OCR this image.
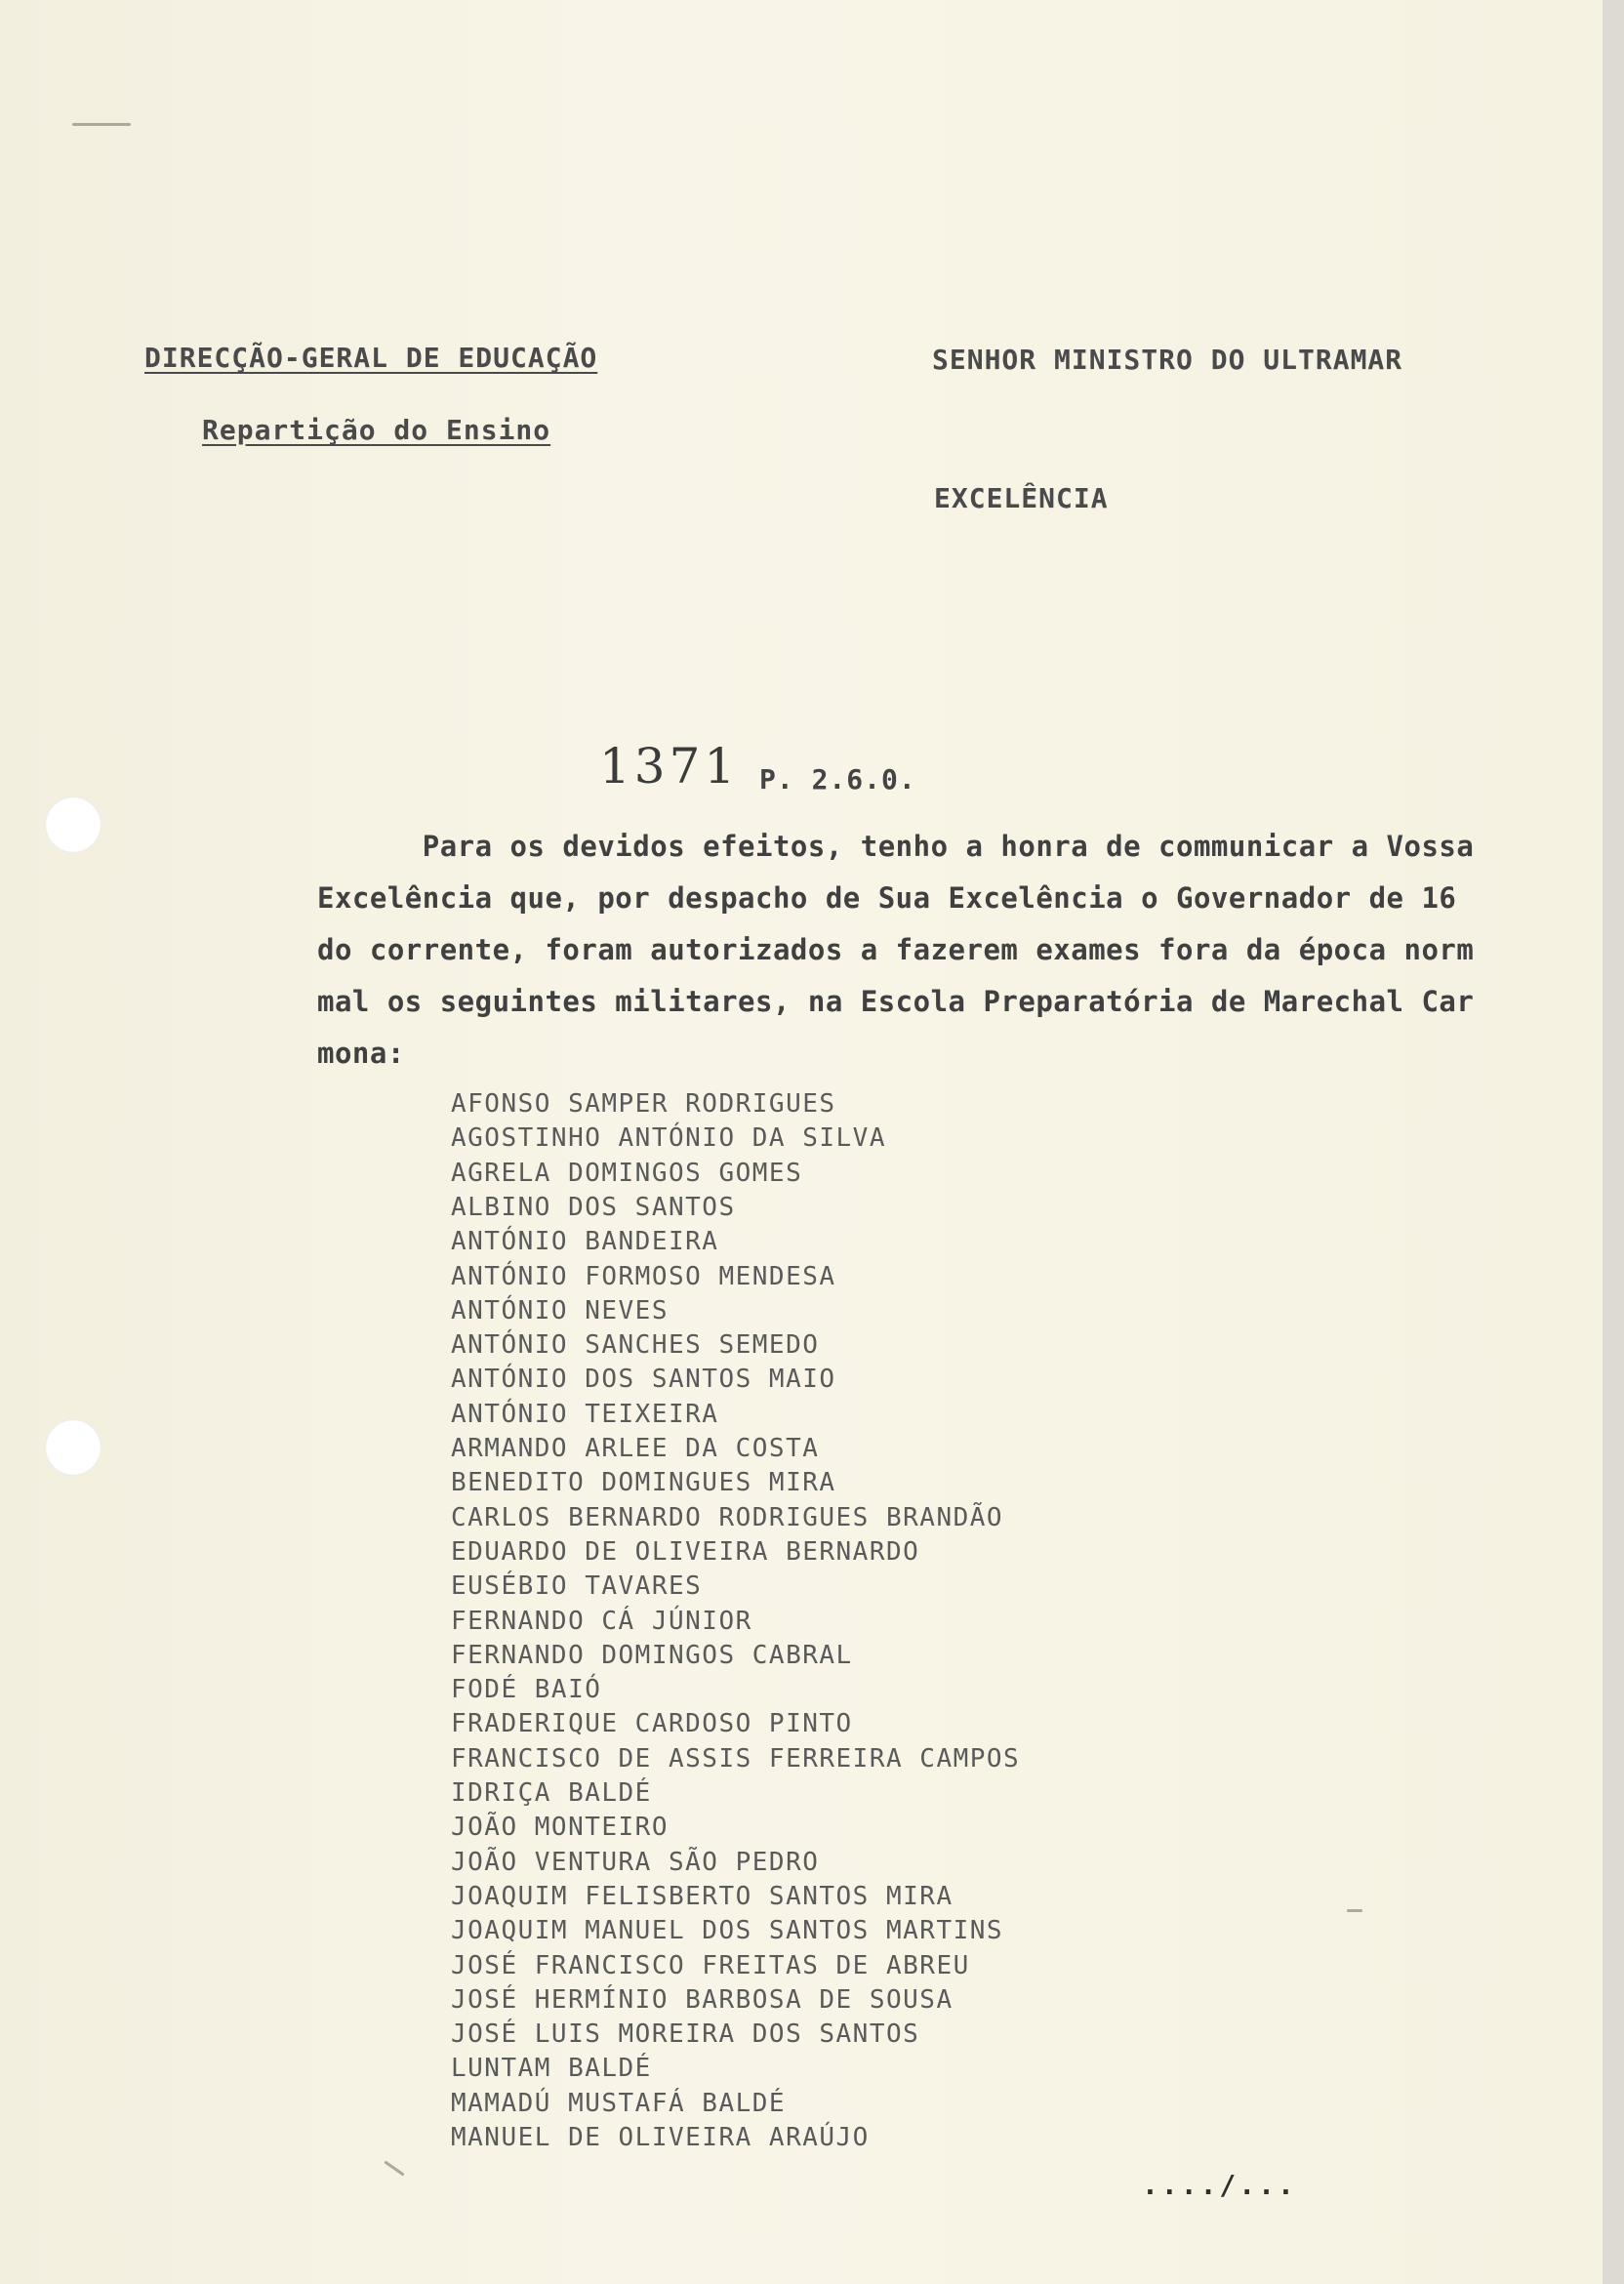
DIRECÇÃO-GERAL DE EDUCAÇÃO
Repartição do Ensino
SENHOR MINISTRO DO ULTRAMAR
EXCELÊNCIA
1371 P. 2.6.0.
Para os devidos efeitos, tenho a honra de communicar a Vossa
Excelência que, por despacho de Sua Excelência o Governador de 16
do corrente, foram autorizados a fazerem exames fora da época norm
mal os seguintes militares, na Escola Preparatória de Marechal Car
mona:
AFONSO SAMPER RODRIGUES
AGOSTINHO ANTÓNIO DA SILVA
AGRELA DOMINGOS GOMES
ALBINO DOS SANTOS
ANTÓNIO BANDEIRA
ANTÓNIO FORMOSO MENDESA
ANTÓNIO NEVES
ANTÓNIO SANCHES SEMEDO
ANTÓNIO DOS SANTOS MAIO
ANTÓNIO TEIXEIRA
ARMANDO ARLEE DA COSTA
BENEDITO DOMINGUES MIRA
CARLOS BERNARDO RODRIGUES BRANDÃO
EDUARDO DE OLIVEIRA BERNARDO
EUSÉBIO TAVARES
FERNANDO CÁ JÚNIOR
FERNANDO DOMINGOS CABRAL
FODÉ BAIÓ
FRADERIQUE CARDOSO PINTO
FRANCISCO DE ASSIS FERREIRA CAMPOS
IDRIÇA BALDÉ
JOÃO MONTEIRO
JOÃO VENTURA SÃO PEDRO
JOAQUIM FELISBERTO SANTOS MIRA
JOAQUIM MANUEL DOS SANTOS MARTINS
JOSÉ FRANCISCO FREITAS DE ABREU
JOSÉ HERMÍNIO BARBOSA DE SOUSA
JOSÉ LUIS MOREIRA DOS SANTOS
LUNTAM BALDÉ
MAMADÚ MUSTAFÁ BALDÉ
MANUEL DE OLIVEIRA ARAÚJO
..../...
